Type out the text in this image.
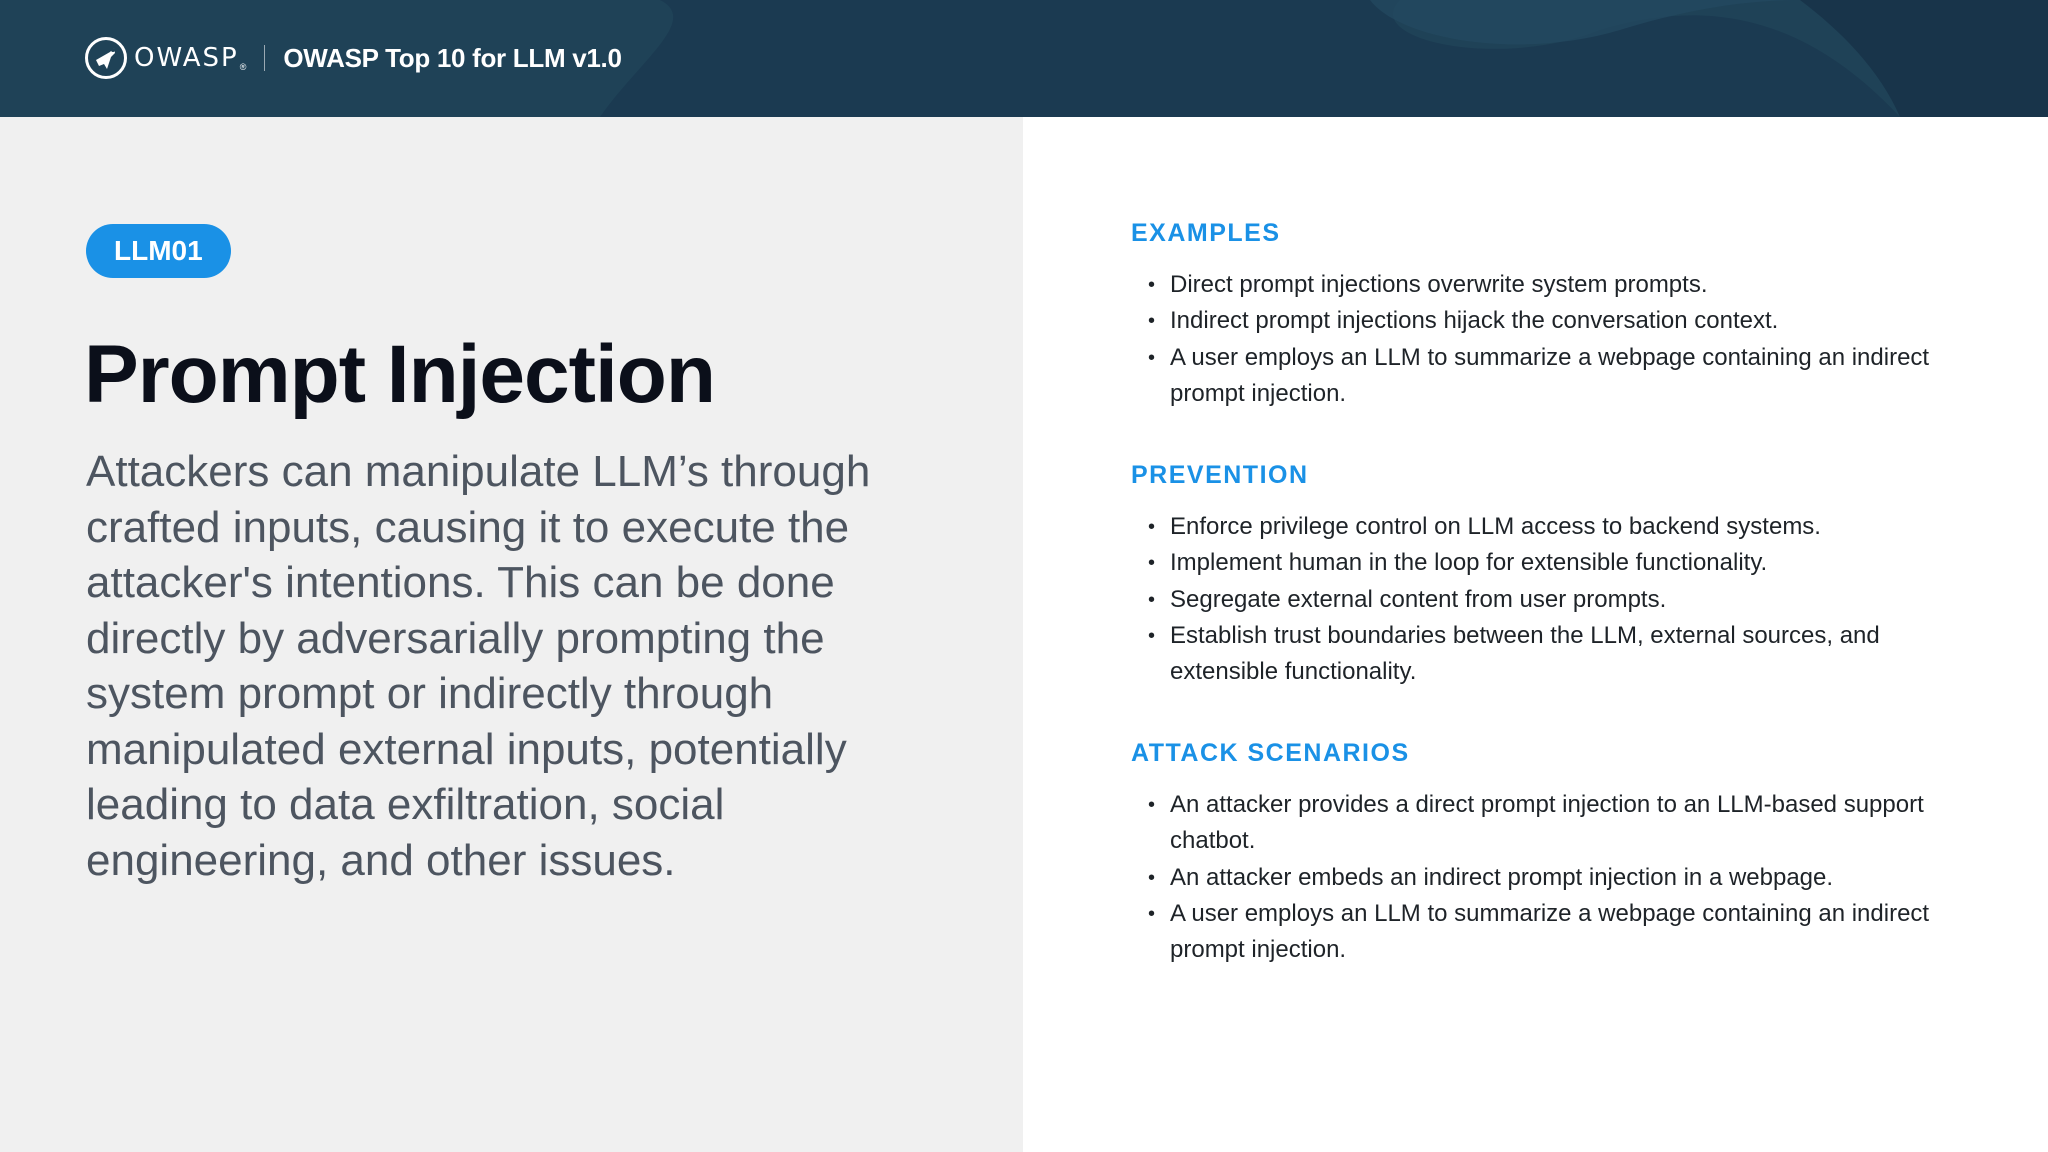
OWASP ® OWASP Top 10 for LLM v1.0
LLM01
Prompt Injection

Attackers can manipulate LLM’s through crafted inputs, causing it to execute the attacker's intentions. This can be done directly by adversarially prompting the system prompt or indirectly through manipulated external inputs, potentially leading to data exfiltration, social engineering, and other issues.

EXAMPLES
• Direct prompt injections overwrite system prompts.
• Indirect prompt injections hijack the conversation context.
• A user employs an LLM to summarize a webpage containing an indirect prompt injection.
PREVENTION
• Enforce privilege control on LLM access to backend systems.
• Implement human in the loop for extensible functionality.
• Segregate external content from user prompts.
• Establish trust boundaries between the LLM, external sources, and extensible functionality.
ATTACK SCENARIOS
• An attacker provides a direct prompt injection to an LLM-based support chatbot.
• An attacker embeds an indirect prompt injection in a webpage.
• A user employs an LLM to summarize a webpage containing an indirect prompt injection.
